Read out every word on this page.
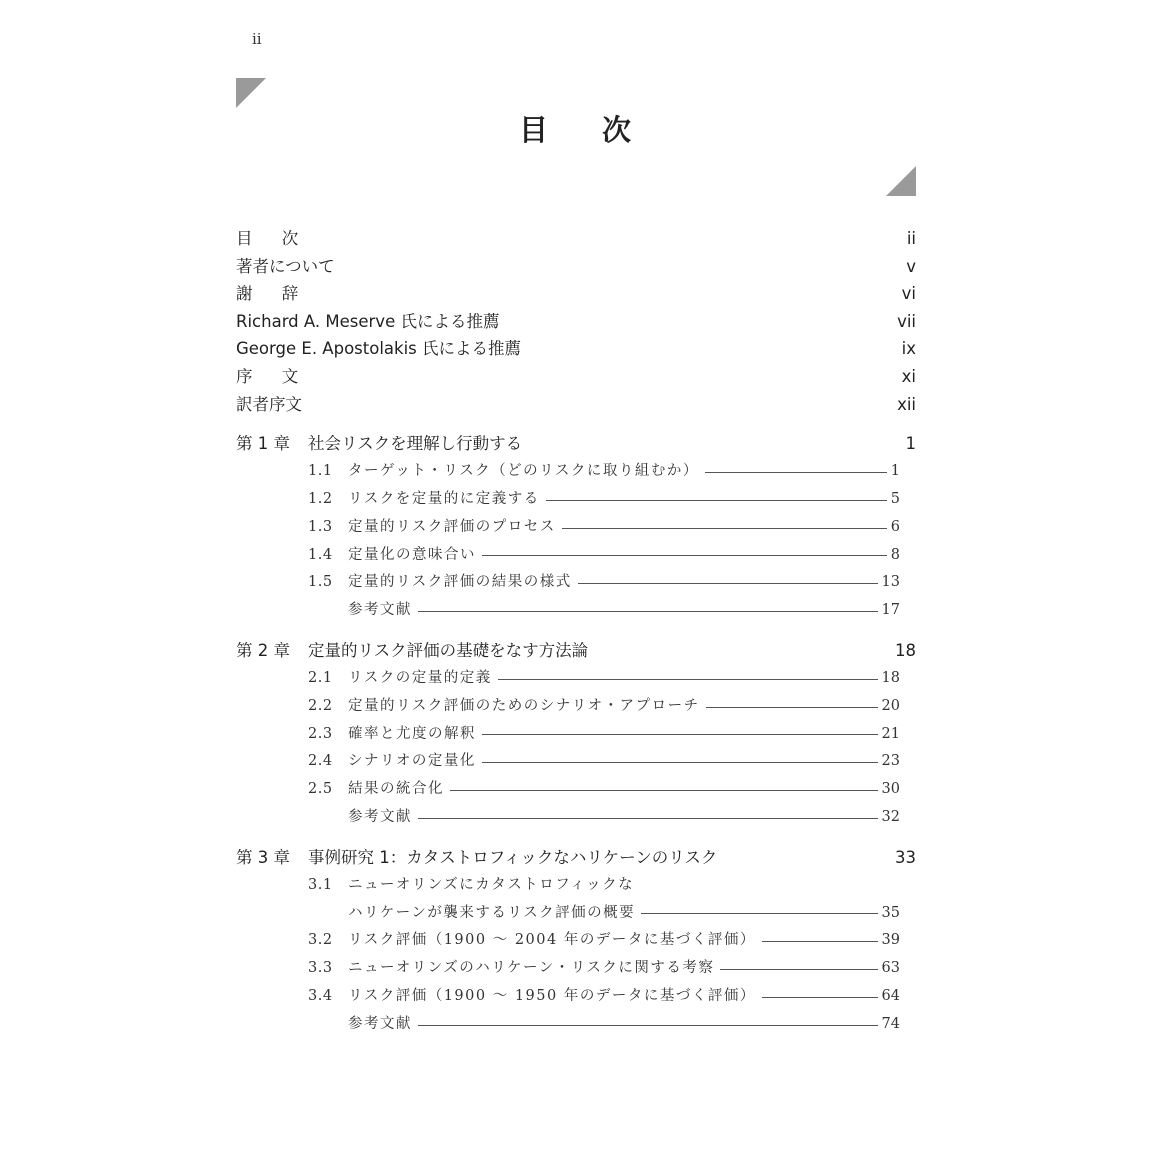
ii
目 次
目 次	ii
著者について	v
謝 辞	vi
Richard A. Meserve 氏による推薦	vii
George E. Apostolakis 氏による推薦	ix
序 文	xi
訳者序文	xii
第 1 章 社会リスクを理解し行動する	1
1.1	ターゲット・リスク（どのリスクに取り組むか）	1
1.2	リスクを定量的に定義する	5
1.3	定量的リスク評価のプロセス	6
1.4	定量化の意味合い	8
1.5	定量的リスク評価の結果の様式	13
参考文献	17
第 2 章 定量的リスク評価の基礎をなす方法論	18
2.1	リスクの定量的定義	18
2.2	定量的リスク評価のためのシナリオ・アプローチ	20
2.3	確率と尤度の解釈	21
2.4	シナリオの定量化	23
2.5	結果の統合化	30
参考文献	32
第 3 章 事例研究 1：カタストロフィックなハリケーンのリスク	33
3.1	ニューオリンズにカタストロフィックな
ハリケーンが襲来するリスク評価の概要	35
3.2	リスク評価（1900 ～ 2004 年のデータに基づく評価）	39
3.3	ニューオリンズのハリケーン・リスクに関する考察	63
3.4	リスク評価（1900 ～ 1950 年のデータに基づく評価）	64
参考文献	74
